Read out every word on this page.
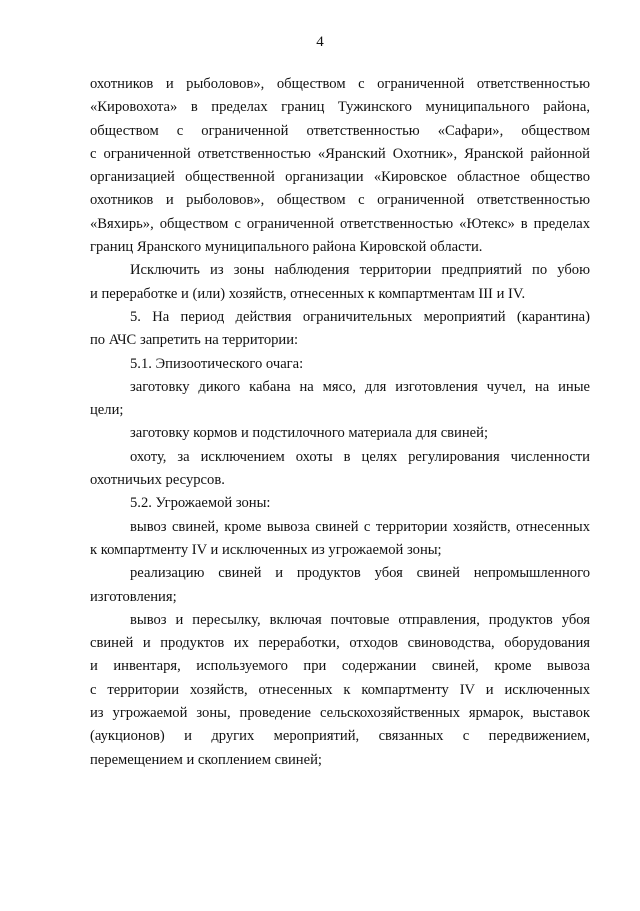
4
охотников и рыболовов», обществом с ограниченной ответственностью
«Кировохота» в пределах границ Тужинского муниципального района,
обществом с ограниченной ответственностью «Сафари», обществом
с ограниченной ответственностью «Яранский Охотник», Яранской районной
организацией общественной организации «Кировское областное общество
охотников и рыболовов», обществом с ограниченной ответственностью
«Вяхирь», обществом с ограниченной ответственностью «Ютекс» в пределах
границ Яранского муниципального района Кировской области.
Исключить из зоны наблюдения территории предприятий по убою
и переработке и (или) хозяйств, отнесенных к компартментам III и IV.
5. На период действия ограничительных мероприятий (карантина)
по АЧС запретить на территории:
5.1. Эпизоотического очага:
заготовку дикого кабана на мясо, для изготовления чучел, на иные
цели;
заготовку кормов и подстилочного материала для свиней;
охоту, за исключением охоты в целях регулирования численности
охотничьих ресурсов.
5.2. Угрожаемой зоны:
вывоз свиней, кроме вывоза свиней с территории хозяйств, отнесенных
к компартменту IV и исключенных из угрожаемой зоны;
реализацию свиней и продуктов убоя свиней непромышленного
изготовления;
вывоз и пересылку, включая почтовые отправления, продуктов убоя
свиней и продуктов их переработки, отходов свиноводства, оборудования
и инвентаря, используемого при содержании свиней, кроме вывоза
с территории хозяйств, отнесенных к компартменту IV и исключенных
из угрожаемой зоны, проведение сельскохозяйственных ярмарок, выставок
(аукционов) и других мероприятий, связанных с передвижением,
перемещением и скоплением свиней;
